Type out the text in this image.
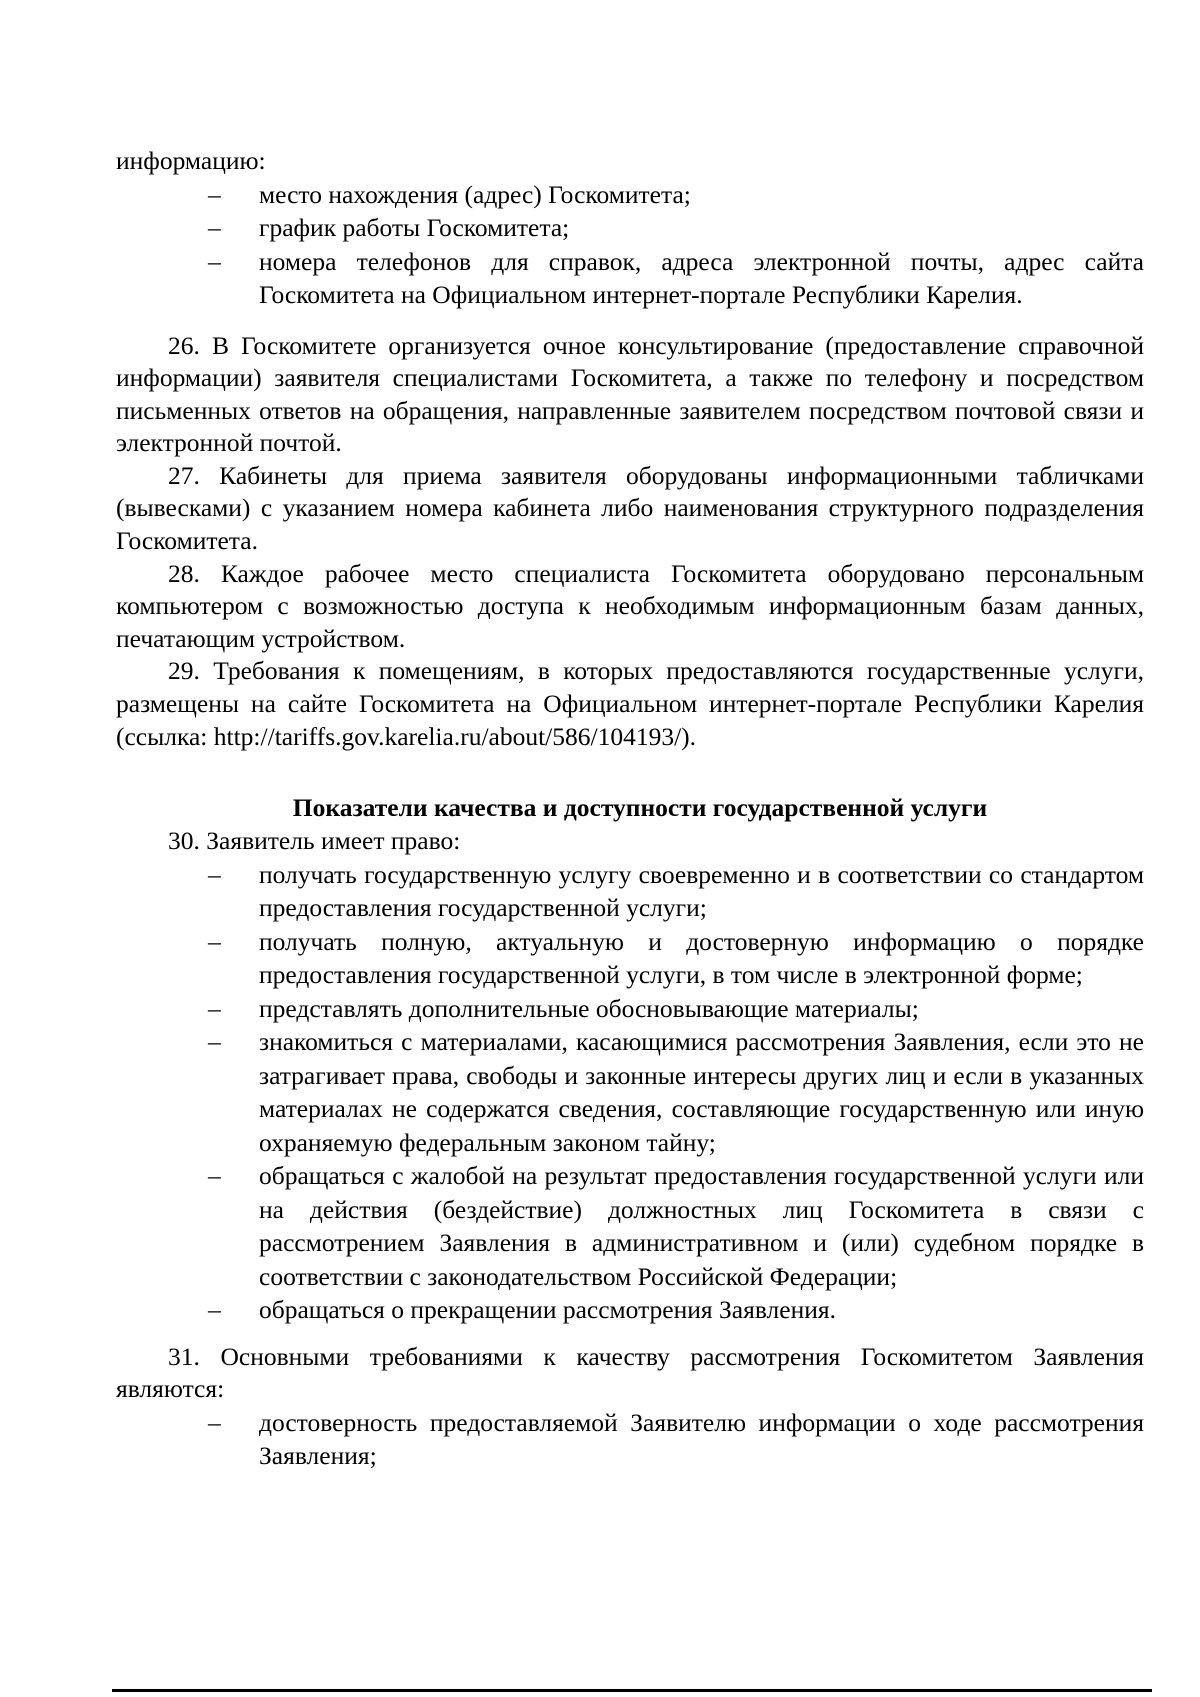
информацию:

– место нахождения (адрес) Госкомитета;
– график работы Госкомитета;
– номера телефонов для справок, адреса электронной почты, адрес сайта Госкомитета на Официальном интернет-портале Республики Карелия.

26. В Госкомитете организуется очное консультирование (предоставление справочной информации) заявителя специалистами Госкомитета, а также по телефону и посредством письменных ответов на обращения, направленные заявителем посредством почтовой связи и электронной почтой.

27. Кабинеты для приема заявителя оборудованы информационными табличками (вывесками) с указанием номера кабинета либо наименования структурного подразделения Госкомитета.

28. Каждое рабочее место специалиста Госкомитета оборудовано персональным компьютером с возможностью доступа к необходимым информационным базам данных, печатающим устройством.

29. Требования к помещениям, в которых предоставляются государственные услуги, размещены на сайте Госкомитета на Официальном интернет-портале Республики Карелия (ссылка: http://tariffs.gov.karelia.ru/about/586/104193/).

Показатели качества и доступности государственной услуги

30. Заявитель имеет право:

– получать государственную услугу своевременно и в соответствии со стандартом предоставления государственной услуги;
– получать полную, актуальную и достоверную информацию о порядке предоставления государственной услуги, в том числе в электронной форме;
– представлять дополнительные обосновывающие материалы;
– знакомиться с материалами, касающимися рассмотрения Заявления, если это не затрагивает права, свободы и законные интересы других лиц и если в указанных материалах не содержатся сведения, составляющие государственную или иную охраняемую федеральным законом тайну;
– обращаться с жалобой на результат предоставления государственной услуги или на действия (бездействие) должностных лиц Госкомитета в связи с рассмотрением Заявления в административном и (или) судебном порядке в соответствии с законодательством Российской Федерации;
– обращаться о прекращении рассмотрения Заявления.

31. Основными требованиями к качеству рассмотрения Госкомитетом Заявления являются:

– достоверность предоставляемой Заявителю информации о ходе рассмотрения Заявления;
